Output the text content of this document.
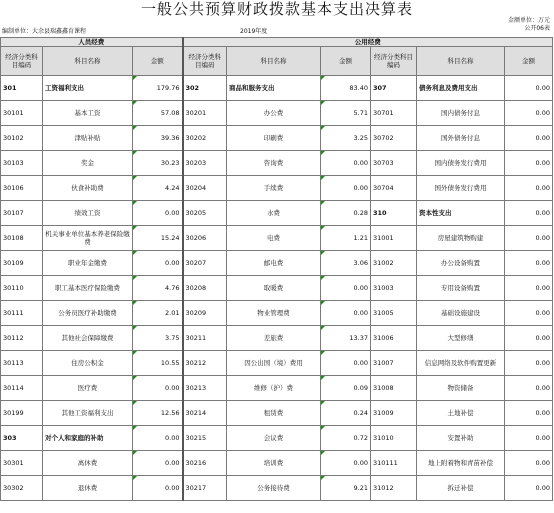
一般公共预算财政拨款基本支出决算表
金额单位：万元
公开06表
编制单位：大余县瑞鑫鑫育课程	2019年度
人员经费			公用经费					
经济分类科目编码	科目名称	金额	经济分类科目编码	科目名称	金额	经济分类科目编码	科目名称	金额
301	工资福利支出	179.76	302	商品和服务支出	83.40	307	债务利息及费用支出	0.00
30101	基本工资	57.08	30201	办公费	5.71	30701	国内债务付息	0.00
30102	津贴补贴	39.36	30202	印刷费	3.25	30702	国外债务付息	0.00
30103	奖金	30.23	30203	咨询费	0.00	30703	国内债务发行费用	0.00
30106	伙食补助费	4.24	30204	手续费	0.00	30704	国外债务发行费用	0.00
30107	绩效工资	0.00	30205	水费	0.28	310	资本性支出	0.00
30108	机关事业单位基本养老保险缴费	15.24	30206	电费	1.21	31001	房屋建筑物购建	0.00
30109	职业年金缴费	0.00	30207	邮电费	3.06	31002	办公设备购置	0.00
30110	职工基本医疗保险缴费	4.76	30208	取暖费	0.00	31003	专用设备购置	0.00
30111	公务员医疗补助缴费	2.01	30209	物业管理费	0.00	31005	基础设施建设	0.00
30112	其他社会保障缴费	3.75	30211	差旅费	13.37	31006	大型修缮	0.00
30113	住房公积金	10.55	30212	因公出国（境）费用	0.00	31007	信息网络及软件购置更新	0.00
30114	医疗费	0.00	30213	维修（护）费	0.09	31008	物资储备	0.00
30199	其他工资福利支出	12.56	30214	租赁费	0.24	31009	土地补偿	0.00
303	对个人和家庭的补助	0.00	30215	会议费	0.72	31010	安置补助	0.00
30301	离休费	0.00	30216	培训费	0.00	310111	地上附着物和青苗补偿	0.00
30302	退休费	0.00	30217	公务接待费	9.21	31012	拆迁补偿	0.00
